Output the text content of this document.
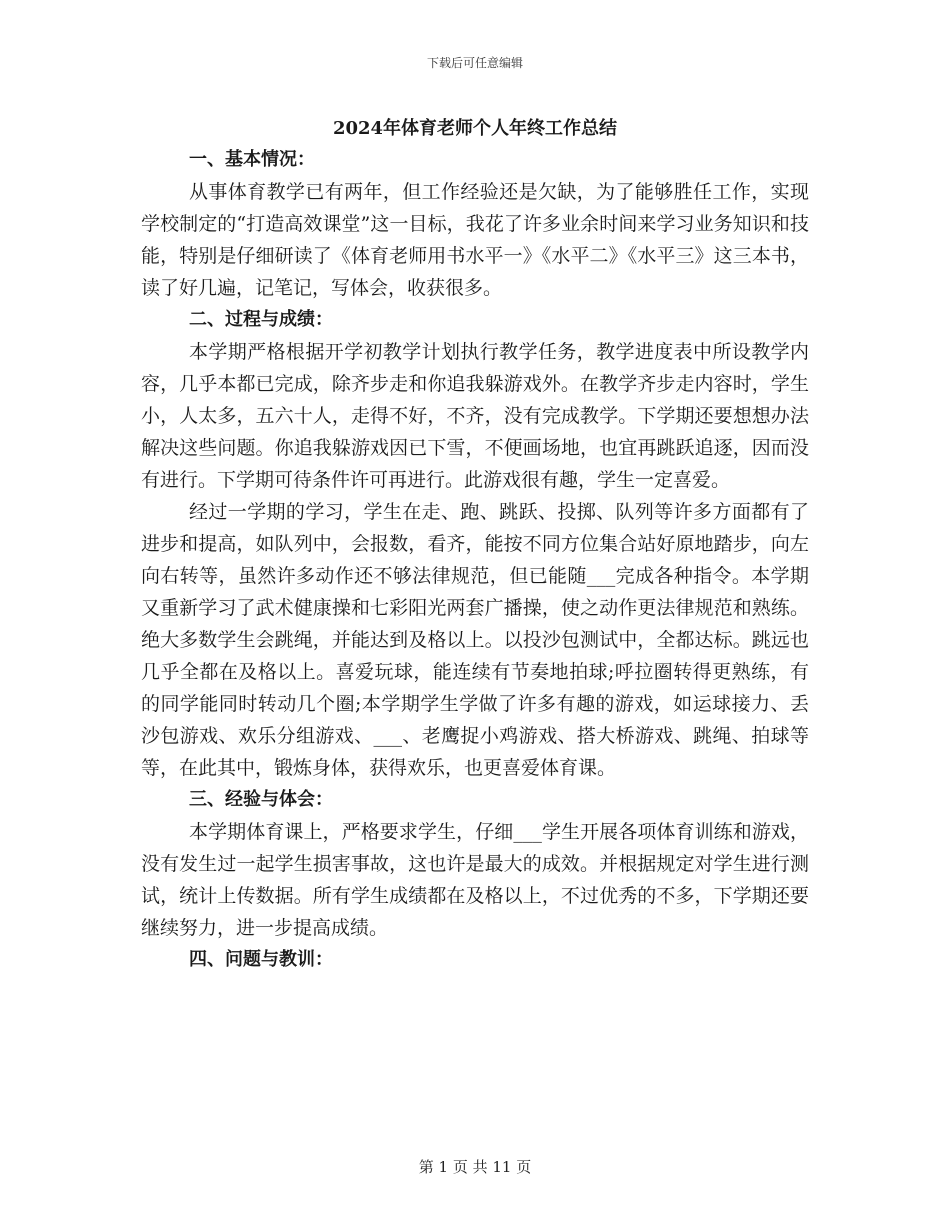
下载后可任意编辑
2024年体育老师个人年终工作总结
一、基本情况：

从事体育教学已有两年，但工作经验还是欠缺，为了能够胜任工作，实现学校制定的“打造高效课堂”这一目标，我花了许多业余时间来学习业务知识和技能，特别是仔细研读了《体育老师用书水平一》《水平二》《水平三》这三本书，读了好几遍，记笔记，写体会，收获很多。

二、过程与成绩：

本学期严格根据开学初教学计划执行教学任务，教学进度表中所设教学内容，几乎本都已完成，除齐步走和你追我躲游戏外。在教学齐步走内容时，学生小，人太多，五六十人，走得不好，不齐，没有完成教学。下学期还要想想办法解决这些问题。你追我躲游戏因已下雪，不便画场地，也宜再跳跃追逐，因而没有进行。下学期可待条件许可再进行。此游戏很有趣，学生一定喜爱。

经过一学期的学习，学生在走、跑、跳跃、投掷、队列等许多方面都有了进步和提高，如队列中，会报数，看齐，能按不同方位集合站好原地踏步，向左向右转等，虽然许多动作还不够法律规范，但已能随___完成各种指令。本学期又重新学习了武术健康操和七彩阳光两套广播操，使之动作更法律规范和熟练。绝大多数学生会跳绳，并能达到及格以上。以投沙包测试中，全都达标。跳远也几乎全都在及格以上。喜爱玩球，能连续有节奏地拍球;呼拉圈转得更熟练，有的同学能同时转动几个圈;本学期学生学做了许多有趣的游戏，如运球接力、丢沙包游戏、欢乐分组游戏、___、老鹰捉小鸡游戏、搭大桥游戏、跳绳、拍球等等，在此其中，锻炼身体，获得欢乐，也更喜爱体育课。

三、经验与体会：

本学期体育课上，严格要求学生，仔细___学生开展各项体育训练和游戏，没有发生过一起学生损害事故，这也许是最大的成效。并根据规定对学生进行测试，统计上传数据。所有学生成绩都在及格以上，不过优秀的不多，下学期还要继续努力，进一步提高成绩。

四、问题与教训：
第 1 页 共 11 页
